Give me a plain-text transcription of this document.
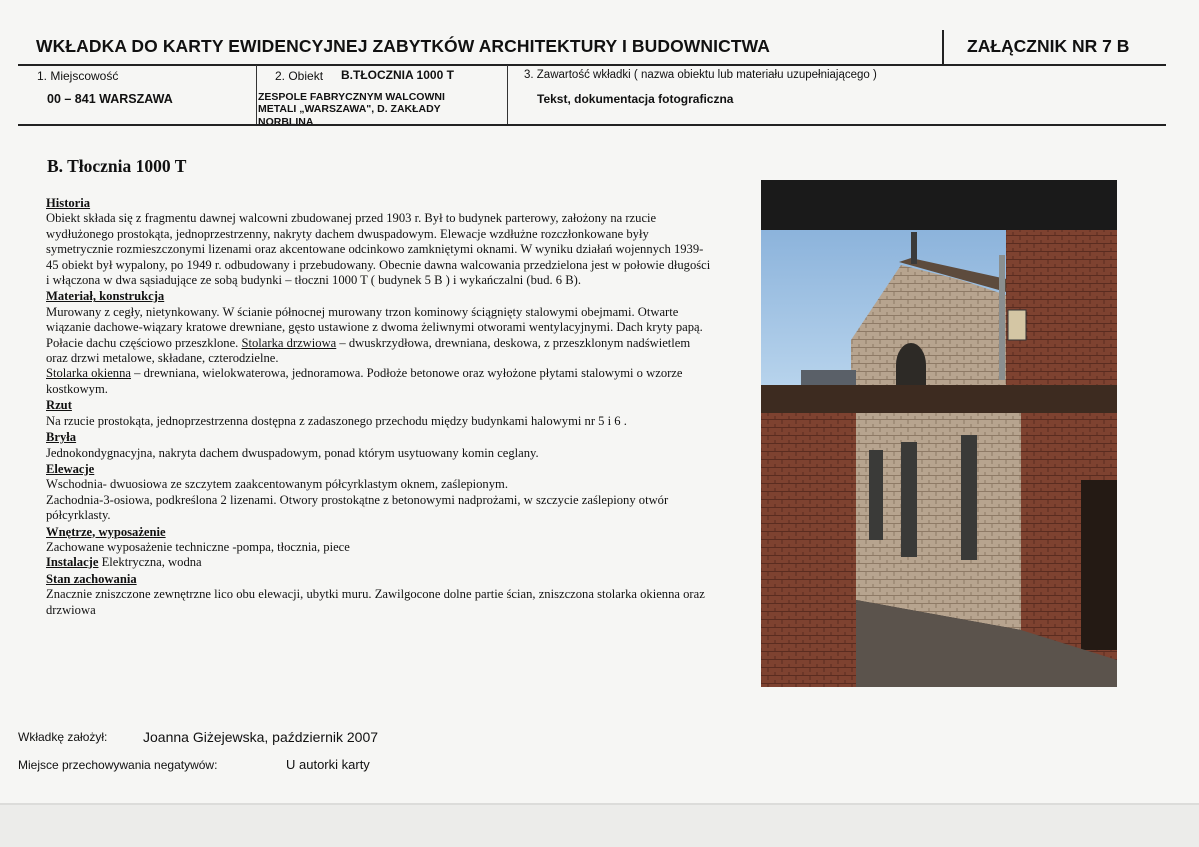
WKŁADKA DO KARTY EWIDENCYJNEJ ZABYTKÓW ARCHITEKTURY I BUDOWNICTWA	ZAŁĄCZNIK NR 7 B
1. Miejscowość
00 – 841 WARSZAWA
2. Obiekt B.TŁOCZNIA 1000 T
ZESPOLE FABRYCZNYM WALCOWNI
METALI „WARSZAWA", D. ZAKŁADY
NORBLINA
3. Zawartość wkładki ( nazwa obiektu lub materiału uzupełniającego )
Tekst, dokumentacja fotograficzna
B. Tłocznia 1000 T
Historia

Obiekt składa się z fragmentu dawnej walcowni zbudowanej przed 1903 r. Był to budynek parterowy, założony na rzucie wydłużonego prostokąta, jednoprzestrzenny, nakryty dachem dwuspadowym. Elewacje wzdłużne rozczłonkowane były symetrycznie rozmieszczonymi lizenami oraz akcentowane odcinkowo zamkniętymi oknami. W wyniku działań wojennych 1939-45 obiekt był wypalony, po 1949 r. odbudowany i przebudowany. Obecnie dawna walcowania przedzielona jest w połowie długości i włączona w dwa sąsiadujące ze sobą budynki – tłoczni 1000 T ( budynek 5 B ) i wykańczalni (bud. 6 B).

Materiał, konstrukcja

Murowany z cegły, nietynkowany. W ścianie północnej murowany trzon kominowy ściągnięty stalowymi obejmami. Otwarte wiązanie dachowe-wiązary kratowe drewniane, gęsto ustawione z dwoma żeliwnymi otworami wentylacyjnymi. Dach kryty papą. Połacie dachu częściowo przeszklone. Stolarka drzwiowa – dwuskrzydłowa, drewniana, deskowa, z przeszklonym nadświetlem oraz drzwi metalowe, składane, czterodzielne.

Stolarka okienna – drewniana, wielokwaterowa, jednoramowa. Podłoże betonowe oraz wyłożone płytami stalowymi o wzorze kostkowym.

Rzut

Na rzucie prostokąta, jednoprzestrzenna dostępna z zadaszonego przechodu między budynkami halowymi nr 5 i 6 .

Bryła

Jednokondygnacyjna, nakryta dachem dwuspadowym, ponad którym usytuowany komin ceglany.

Elewacje

Wschodnia- dwuosiowa ze szczytem zaakcentowanym półcyrklastym oknem, zaślepionym.

Zachodnia-3-osiowa, podkreślona 2 lizenami. Otwory prostokątne z betonowymi nadprożami, w szczycie zaślepiony otwór półcyrklasty.

Wnętrze, wyposażenie

Zachowane wyposażenie techniczne -pompa, tłocznia, piece

Instalacje Elektryczna, wodna

Stan zachowania

Znacznie zniszczone zewnętrzne lico obu elewacji, ubytki muru. Zawilgocone dolne partie ścian, zniszczona stolarka okienna oraz drzwiowa

Wkładkę założył:	Joanna Giżejewska, październik 2007
Miejsce przechowywania negatywów:	U autorki karty
